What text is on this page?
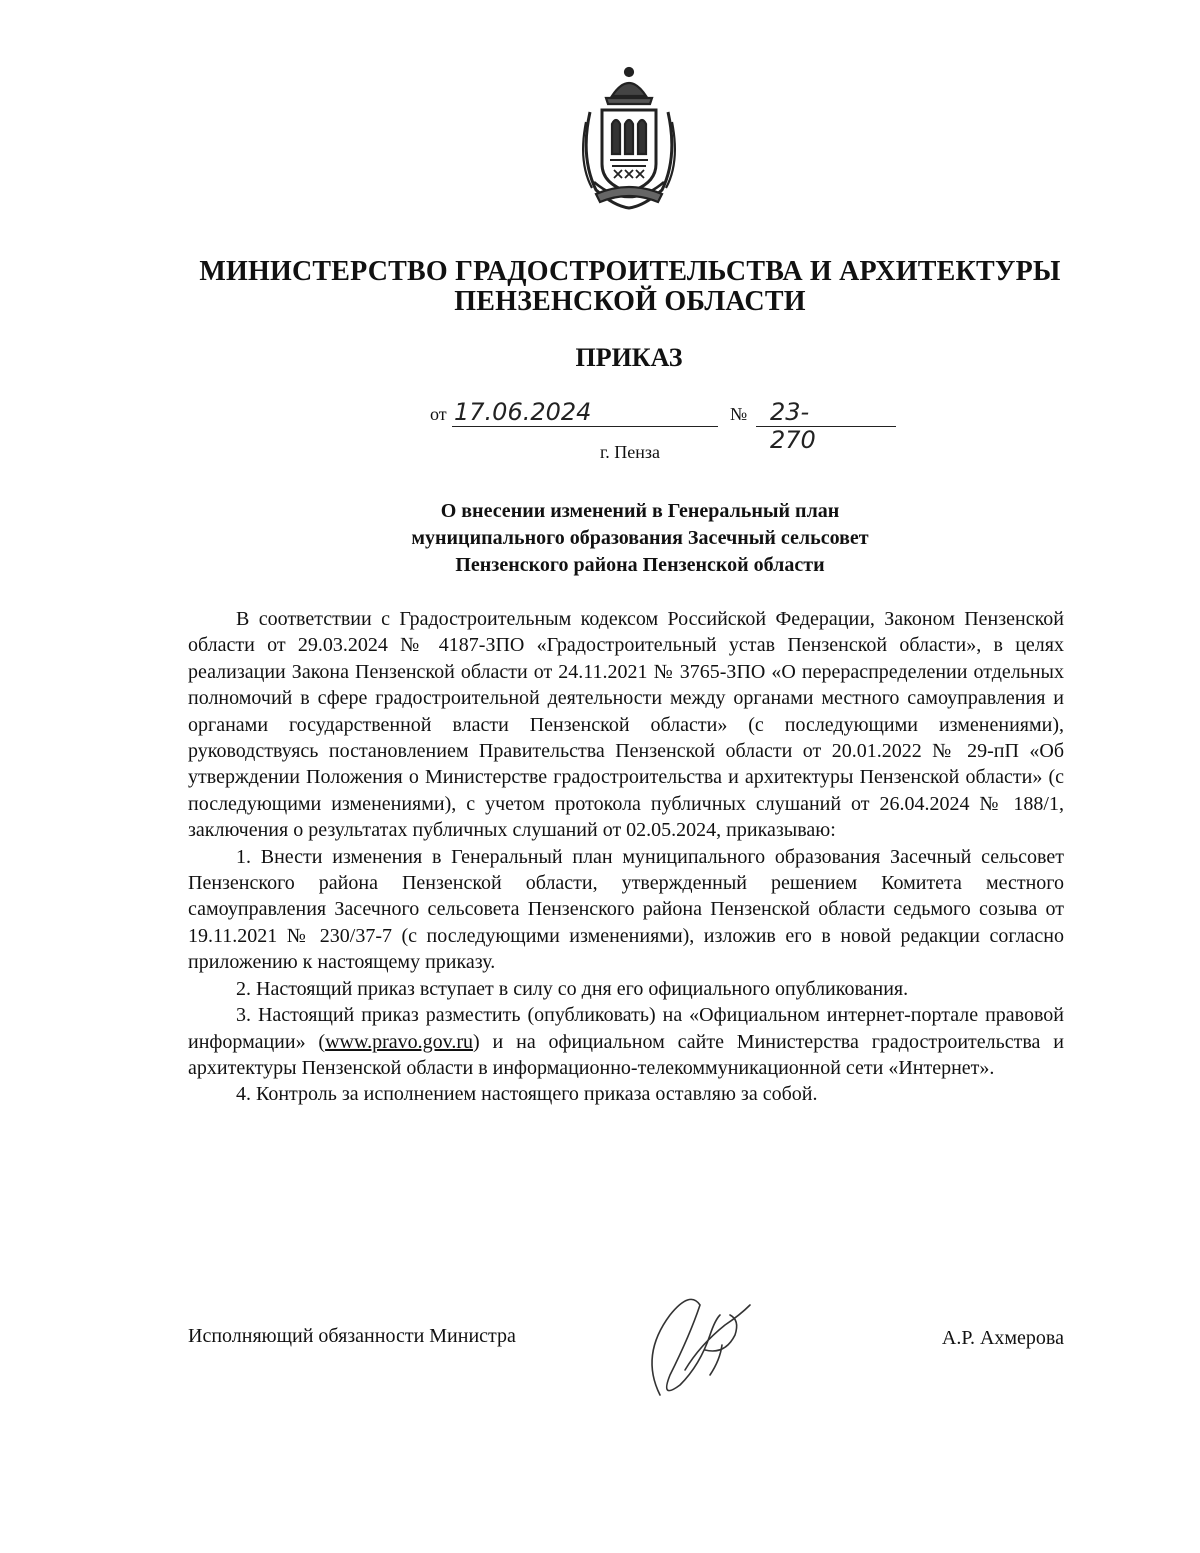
МИНИСТЕРСТВО ГРАДОСТРОИТЕЛЬСТВА И АРХИТЕКТУРЫ
ПЕНЗЕНСКОЙ ОБЛАСТИ
ПРИКАЗ
от 17.06.2024	№ 23-270
г. Пенза
О внесении изменений в Генеральный план
муниципального образования Засечный сельсовет
Пензенского района Пензенской области

В соответствии с Градостроительным кодексом Российской Федерации, Законом Пензенской области от 29.03.2024 № 4187-ЗПО «Градостроительный устав Пензенской области», в целях реализации Закона Пензенской области от 24.11.2021 № 3765-ЗПО «О перераспределении отдельных полномочий в сфере градостроительной деятельности между органами местного самоуправления и органами государственной власти Пензенской области» (с последующими изменениями), руководствуясь постановлением Правительства Пензенской области от 20.01.2022 № 29-пП «Об утверждении Положения о Министерстве градостроительства и архитектуры Пензенской области» (с последующими изменениями), с учетом протокола публичных слушаний от 26.04.2024 № 188/1, заключения о результатах публичных слушаний от 02.05.2024, приказываю:

1. Внести изменения в Генеральный план муниципального образования Засечный сельсовет Пензенского района Пензенской области, утвержденный решением Комитета местного самоуправления Засечного сельсовета Пензенского района Пензенской области седьмого созыва от 19.11.2021 № 230/37-7 (с последующими изменениями), изложив его в новой редакции согласно приложению к настоящему приказу.

2. Настоящий приказ вступает в силу со дня его официального опубликования.

3. Настоящий приказ разместить (опубликовать) на «Официальном интернет-портале правовой информации» (www.pravo.gov.ru) и на официальном сайте Министерства градостроительства и архитектуры Пензенской области в информационно-телекоммуникационной сети «Интернет».

4. Контроль за исполнением настоящего приказа оставляю за собой.

Исполняющий обязанности Министра	А.Р. Ахмерова
